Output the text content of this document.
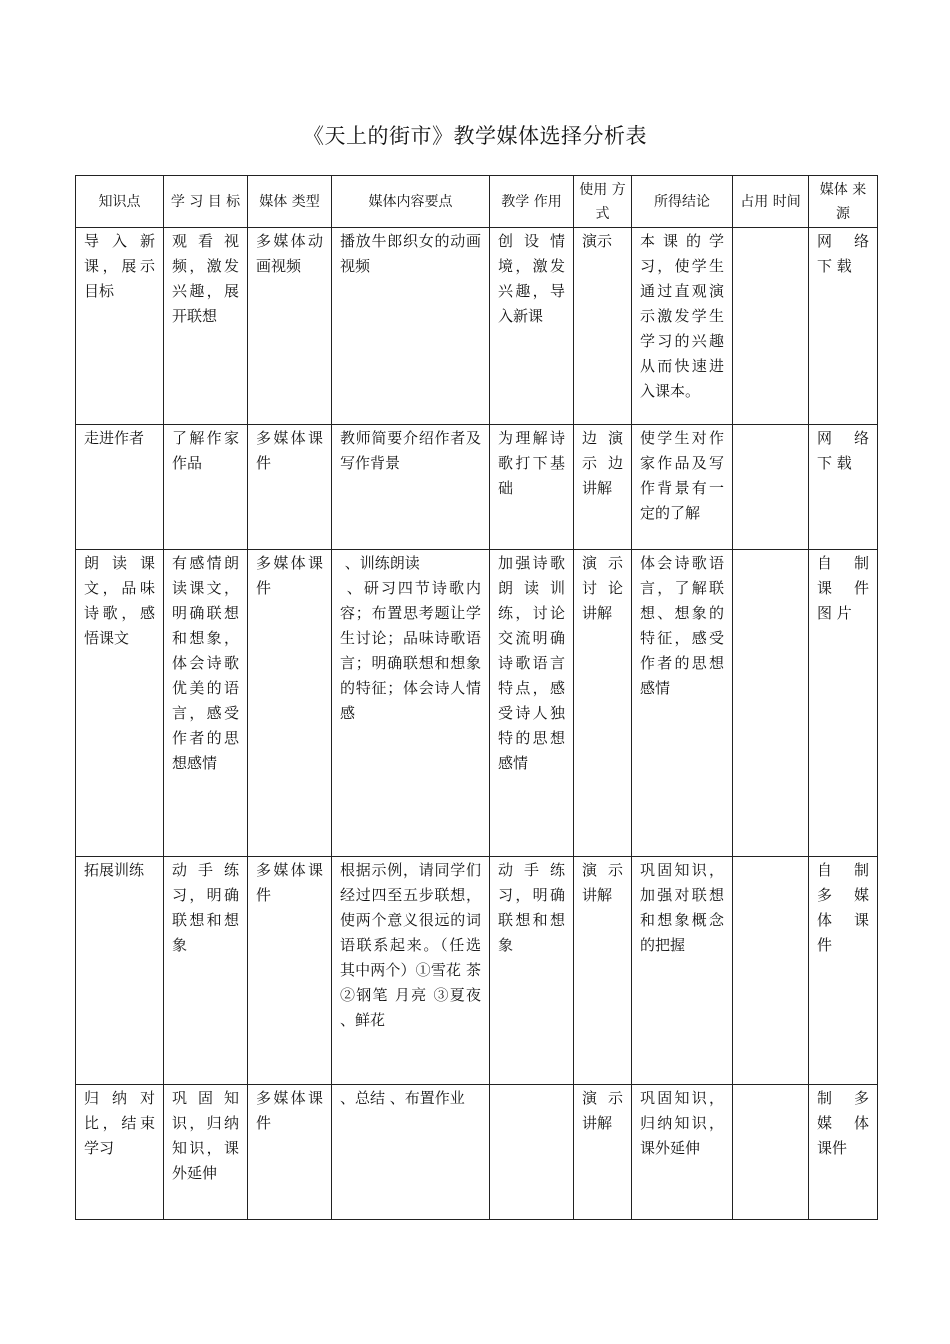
《天上的街市》教学媒体选择分析表
知识点	学 习 目 标	媒体 类型	媒体内容要点	教学 作用	使用 方式	所得结论	占用 时间	媒体 来源
导入新课，展示目标	观看视频，激发兴趣，展开联想	多媒体动画视频	播放牛郎织女的动画视频	创设情境，激发兴趣，导入新课	演示	本课的学习，使学生通过直观演示激发学生学习的兴趣从而快速进入课本。		网 络 下 载
走进作者	了解作家作品	多媒体课件	教师简要介绍作者及写作背景	为理解诗歌打下基础	边演示边讲解	使学生对作家作品及写作背景有一定的了解		网 络 下 载
朗读课文，品味诗歌，感悟课文	有感情朗读课文，明确联想和想象，体会诗歌优美的语言，感受作者的思想感情	多媒体课件	、训练朗读
、研习四节诗歌内容；布置思考题让学生讨论；品味诗歌语言；明确联想和想象的特征；体会诗人情感	加强诗歌朗读训练，讨论交流明确诗歌语言特点，感受诗人独特的思想感情	演示 讨论 讲解	体会诗歌语言，了解联想、想象的特征，感受作者的思想感情		自 制 课 件 图 片
拓展训练	动手练习，明确联想和想象	多媒体课件	根据示例，请同学们经过四至五步联想，使两个意义很远的词语联系起来。（任选其中两个）①雪花 茶 ②钢笔 月亮 ③夏夜 、鲜花	动手练习，明确联想和想象	演示 讲解	巩固知识，加强对联想和想象概念的把握		自 制 多 媒 体 课 件
归纳对比，结束学习	巩固知识，归纳知识，课外延伸	多媒体课件	、总结 、布置作业		演示 讲解	巩固知识，归纳知识，课外延伸		制 多 媒 体 课件
